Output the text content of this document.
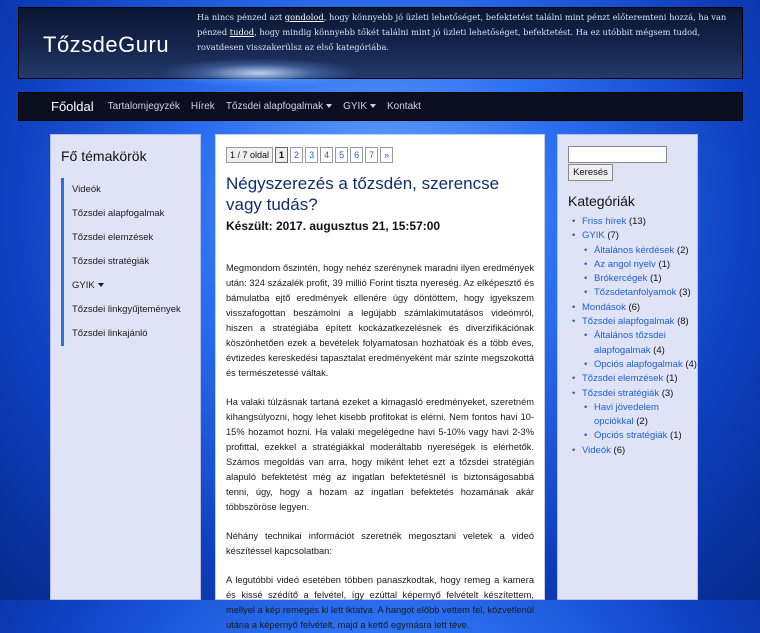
TőzsdeGuru
Ha nincs pénzed azt gondolod, hogy könnyebb jó üzleti lehetőséget, befektetést találni mint pénzt előteremteni hozzá, ha van pénzed tudod, hogy mindig könnyebb tőkét találni mint jó üzleti lehetőséget, befektetést. Ha ez utóbbit mégsem tudod, rovatdesen visszakerülsz az első kategóriába.
Főoldal Tartalomjegyzék Hírek Tőzsdei alapfogalmak	GYIK	Kontakt
Fő témakörök
Videók
Tőzsdei alapfogalmak
Tőzsdei elemzések
Tőzsdei stratégiák
GYIK
Tőzsdei linkgyűjtemények
Tőzsdei linkajánló
1 / 7 oldal	1	2	3	4	5	6	7	»
Négyszerezés a tőzsdén, szerencse vagy tudás?
Készült: 2017. augusztus 21, 15:57:00

Megmondom őszintén, hogy nehéz szerénynek maradni ilyen eredmények után: 324 százalék profit, 39 millió Forint tiszta nyereség. Az elképesztő és bámulatba ejtő eredmények ellenére úgy döntöttem, hogy igyekszem visszafogottan beszámolni a legújabb számlakimutatásos videómról, hiszen a stratégiába épített kockázatkezelésnek és diverzifikációnak köszönhetően ezek a bevételek folyamatosan hozhatóak és a több éves, évtizedes kereskedési tapasztalat eredményeként már szinte megszokottá és természetessé váltak.

Ha valaki túlzásnak tartaná ezeket a kimagasló eredményeket, szeretném kihangsúlyozni, hogy lehet kisebb profitokat is elérni. Nem fontos havi 10-15% hozamot hozni. Ha valaki megelégedne havi 5-10% vagy havi 2-3% profittal, ezekkel a stratégiákkal moderáltabb nyereségek is elérhetők. Számos megoldás van arra, hogy miként lehet ezt a tőzsdei stratégián alapuló befektetést még az ingatlan befektetésnél is biztonságosabbá tenni, úgy, hogy a hozam az ingatlan befektetés hozamának akár többszöröse legyen.

Néhány technikai információt szeretnék megosztani veletek a videó készítéssel kapcsolatban:

A legutóbbi videó esetében többen panaszkodtak, hogy remeg a kamera és kissé szédítő a felvétel, így ezúttal képernyő felvételt készítettem, mellyel a kép remegés ki lett iktatva. A hangot előbb vettem fel, közvetlenül utána a képernyő felvételt, majd a kettő egymásra lett téve.

Keresés
Kategóriák
• Friss hírek (13)
• GYIK (7)
• Általános kérdések (2)
• Az angol nyelv (1)
• Brókercégek (1)
• Tőzsdetanfolyamok (3)
• Mondások (6)
• Tőzsdei alapfogalmak (8)
• Általános tőzsdei alapfogalmak (4)
• Opciós alapfogalmak (4)
• Tőzsdei elemzések (1)
• Tőzsdei stratégiák (3)
• Havi jövedelem opciókkal (2)
• Opciós stratégiák (1)
• Videók (6)
